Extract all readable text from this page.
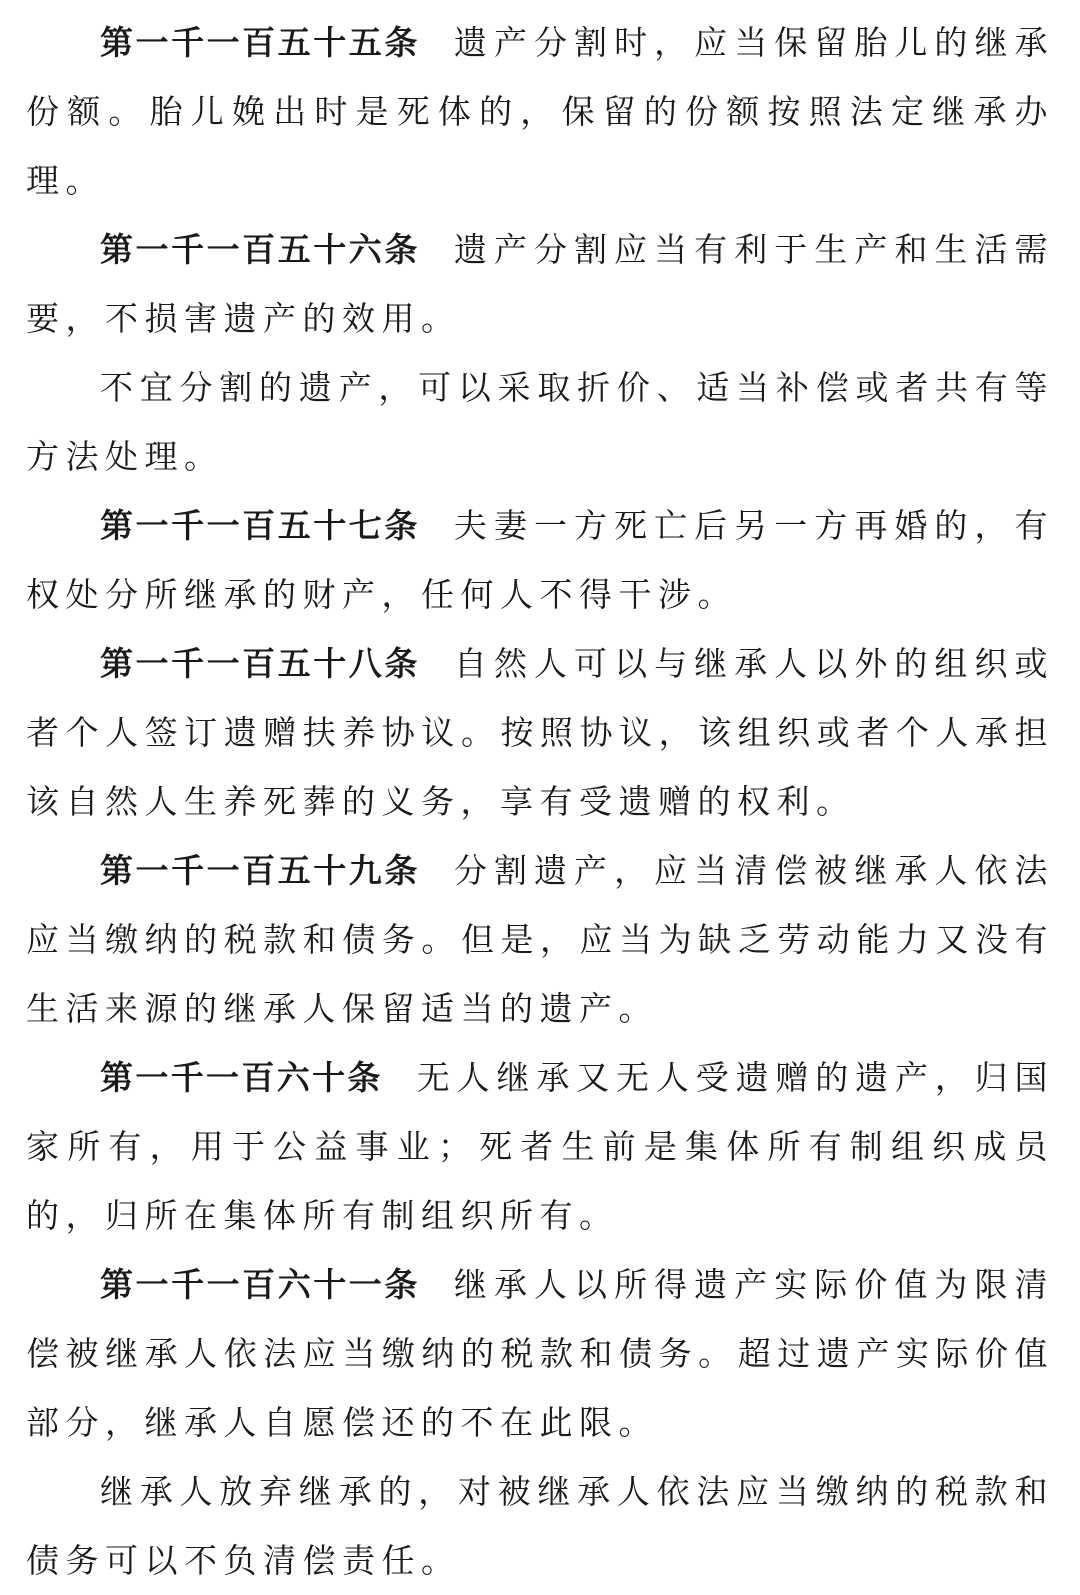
第一千一百五十五条 遗产分割时，应当保留胎儿的继承份额。胎儿娩出时是死体的，保留的份额按照法定继承办理。

第一千一百五十六条 遗产分割应当有利于生产和生活需要，不损害遗产的效用。

不宜分割的遗产，可以采取折价、适当补偿或者共有等方法处理。

第一千一百五十七条 夫妻一方死亡后另一方再婚的，有权处分所继承的财产，任何人不得干涉。

第一千一百五十八条 自然人可以与继承人以外的组织或者个人签订遗赠扶养协议。按照协议，该组织或者个人承担该自然人生养死葬的义务，享有受遗赠的权利。

第一千一百五十九条 分割遗产，应当清偿被继承人依法应当缴纳的税款和债务。但是，应当为缺乏劳动能力又没有生活来源的继承人保留适当的遗产。

第一千一百六十条 无人继承又无人受遗赠的遗产，归国家所有，用于公益事业；死者生前是集体所有制组织成员的，归所在集体所有制组织所有。

第一千一百六十一条 继承人以所得遗产实际价值为限清偿被继承人依法应当缴纳的税款和债务。超过遗产实际价值部分，继承人自愿偿还的不在此限。

继承人放弃继承的，对被继承人依法应当缴纳的税款和债务可以不负清偿责任。
